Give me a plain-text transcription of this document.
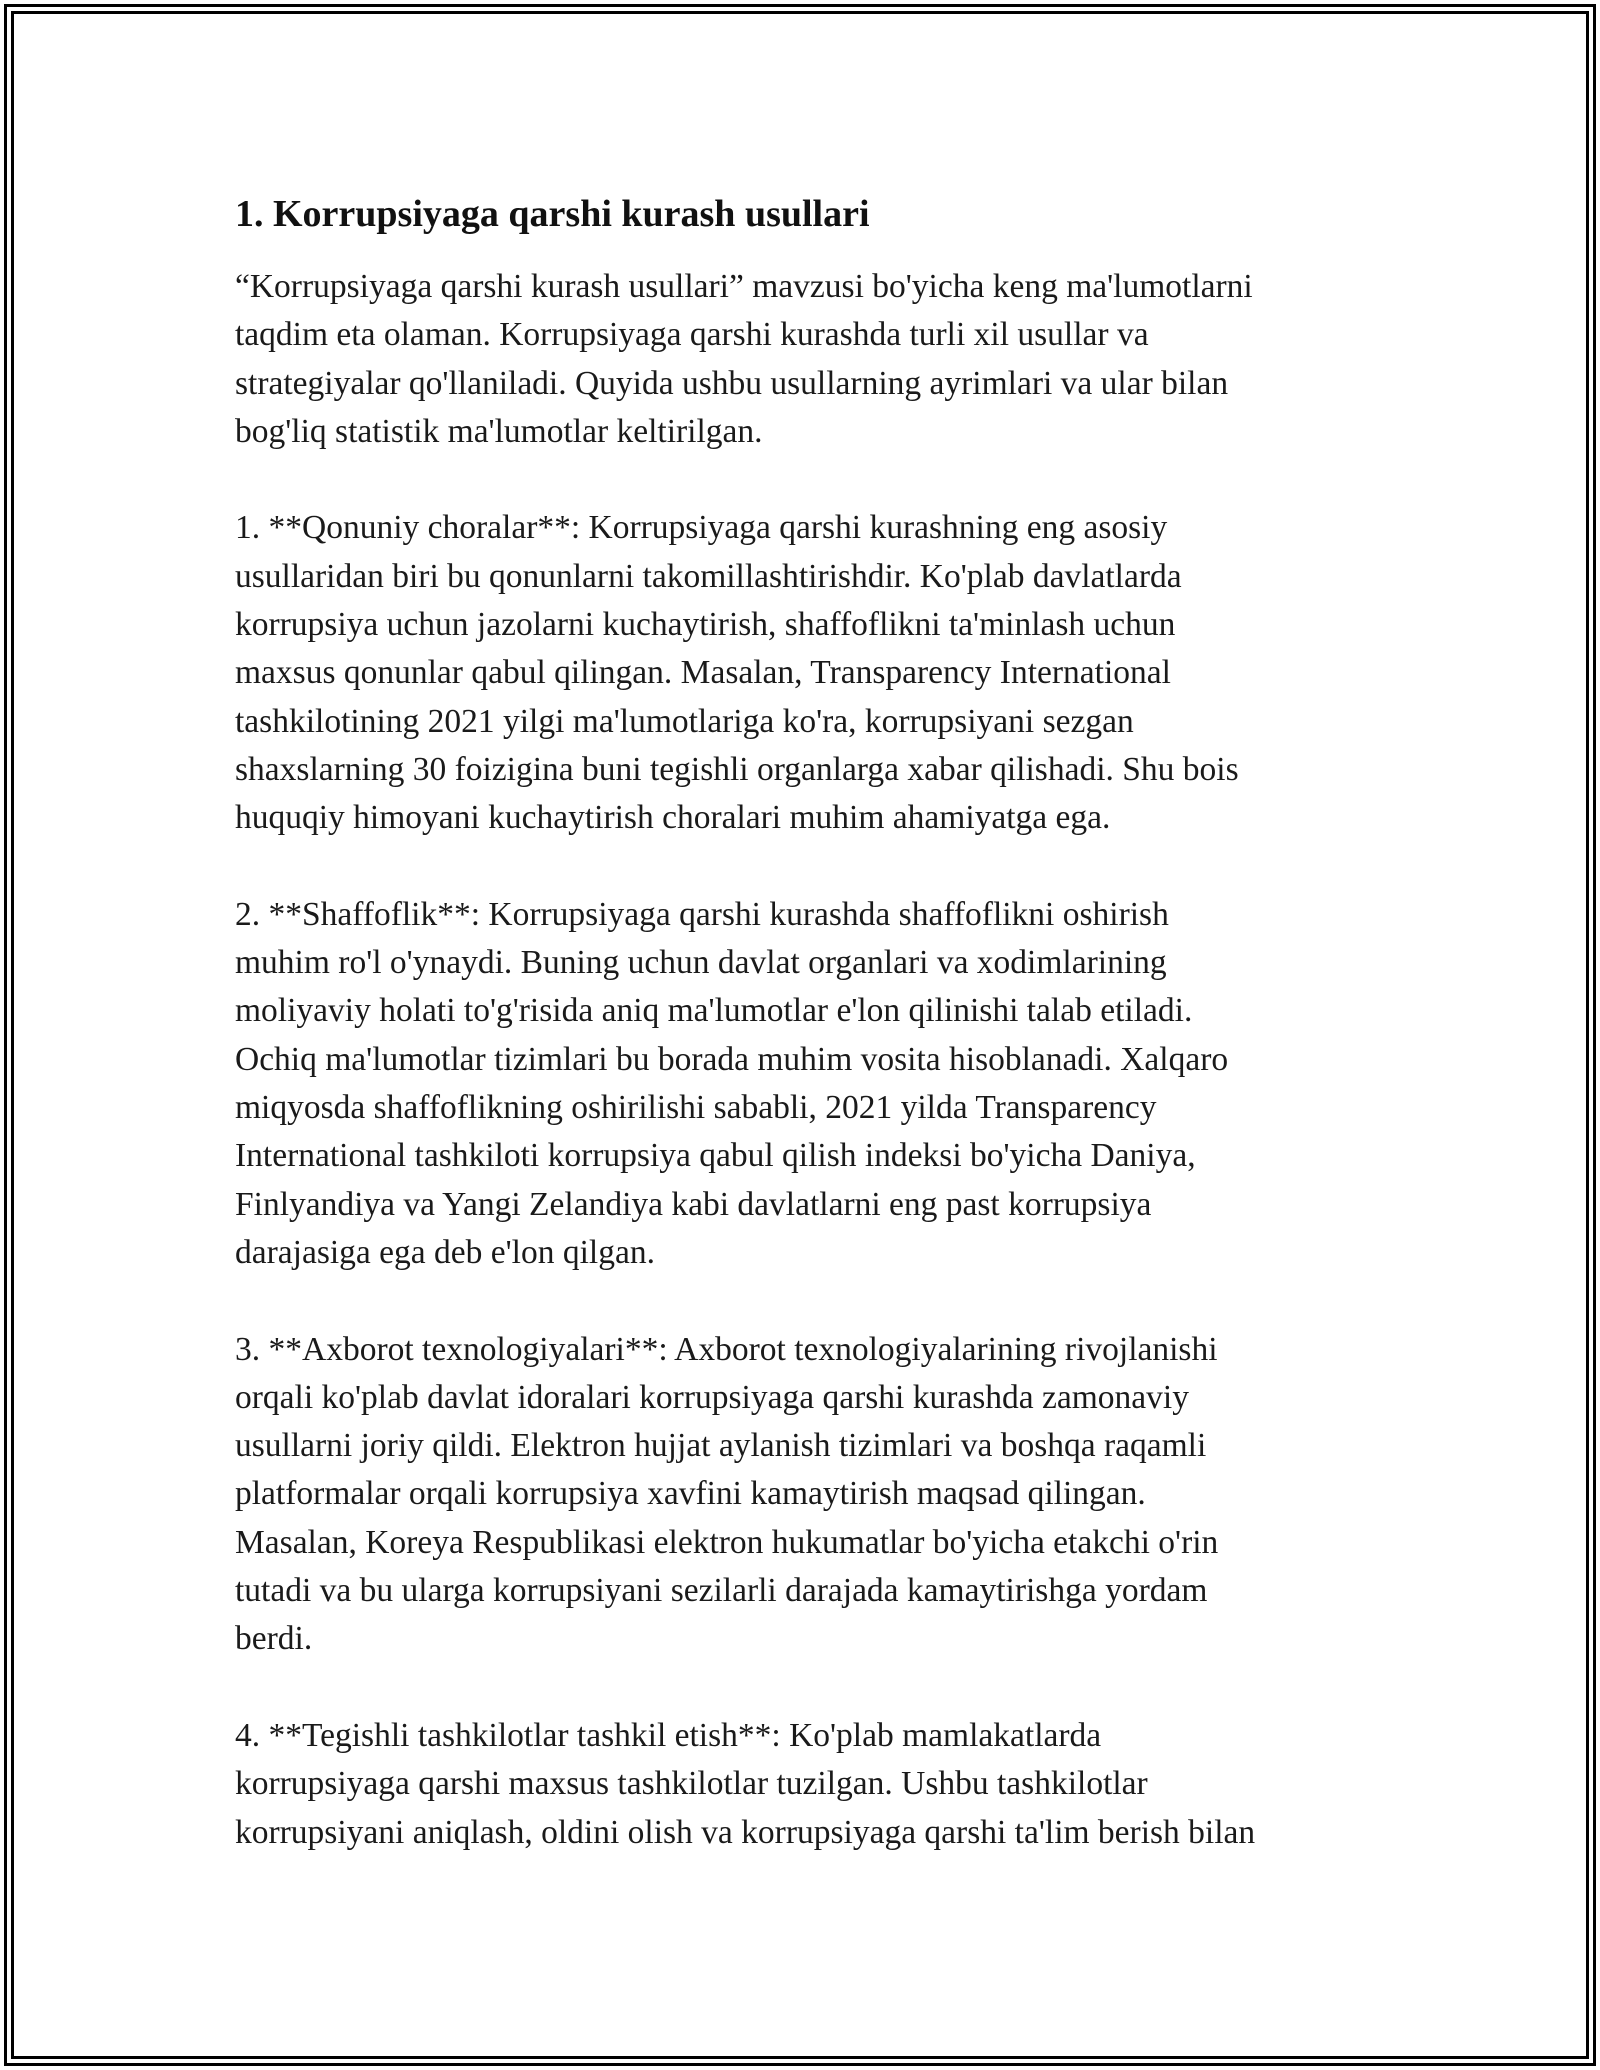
1. Korrupsiyaga qarshi kurash usullari

“Korrupsiyaga qarshi kurash usullari” mavzusi bo'yicha keng ma'lumotlarni
taqdim eta olaman. Korrupsiyaga qarshi kurashda turli xil usullar va
strategiyalar qo'llaniladi. Quyida ushbu usullarning ayrimlari va ular bilan
bog'liq statistik ma'lumotlar keltirilgan.

1. **Qonuniy choralar**: Korrupsiyaga qarshi kurashning eng asosiy
usullaridan biri bu qonunlarni takomillashtirishdir. Ko'plab davlatlarda
korrupsiya uchun jazolarni kuchaytirish, shaffoflikni ta'minlash uchun
maxsus qonunlar qabul qilingan. Masalan, Transparency International
tashkilotining 2021 yilgi ma'lumotlariga ko'ra, korrupsiyani sezgan
shaxslarning 30 foizigina buni tegishli organlarga xabar qilishadi. Shu bois
huquqiy himoyani kuchaytirish choralari muhim ahamiyatga ega.

2. **Shaffoflik**: Korrupsiyaga qarshi kurashda shaffoflikni oshirish
muhim ro'l o'ynaydi. Buning uchun davlat organlari va xodimlarining
moliyaviy holati to'g'risida aniq ma'lumotlar e'lon qilinishi talab etiladi.
Ochiq ma'lumotlar tizimlari bu borada muhim vosita hisoblanadi. Xalqaro
miqyosda shaffoflikning oshirilishi sababli, 2021 yilda Transparency
International tashkiloti korrupsiya qabul qilish indeksi bo'yicha Daniya,
Finlyandiya va Yangi Zelandiya kabi davlatlarni eng past korrupsiya
darajasiga ega deb e'lon qilgan.

3. **Axborot texnologiyalari**: Axborot texnologiyalarining rivojlanishi
orqali ko'plab davlat idoralari korrupsiyaga qarshi kurashda zamonaviy
usullarni joriy qildi. Elektron hujjat aylanish tizimlari va boshqa raqamli
platformalar orqali korrupsiya xavfini kamaytirish maqsad qilingan.
Masalan, Koreya Respublikasi elektron hukumatlar bo'yicha etakchi o'rin
tutadi va bu ularga korrupsiyani sezilarli darajada kamaytirishga yordam
berdi.

4. **Tegishli tashkilotlar tashkil etish**: Ko'plab mamlakatlarda
korrupsiyaga qarshi maxsus tashkilotlar tuzilgan. Ushbu tashkilotlar
korrupsiyani aniqlash, oldini olish va korrupsiyaga qarshi ta'lim berish bilan
